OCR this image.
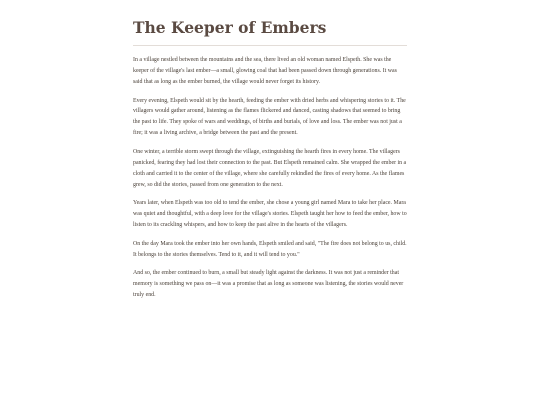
The Keeper of Embers

In a village nestled between the mountains and the sea, there lived an old woman named Elspeth. She was the keeper of the village's last ember—a small, glowing coal that had been passed down through generations. It was said that as long as the ember burned, the village would never forget its history.

Every evening, Elspeth would sit by the hearth, feeding the ember with dried herbs and whispering stories to it. The villagers would gather around, listening as the flames flickered and danced, casting shadows that seemed to bring the past to life. They spoke of wars and weddings, of births and burials, of love and loss. The ember was not just a fire; it was a living archive, a bridge between the past and the present.

One winter, a terrible storm swept through the village, extinguishing the hearth fires in every home. The villagers panicked, fearing they had lost their connection to the past. But Elspeth remained calm. She wrapped the ember in a cloth and carried it to the center of the village, where she carefully rekindled the fires of every home. As the flames grew, so did the stories, passed from one generation to the next.

Years later, when Elspeth was too old to tend the ember, she chose a young girl named Mara to take her place. Mara was quiet and thoughtful, with a deep love for the village's stories. Elspeth taught her how to feed the ember, how to listen to its crackling whispers, and how to keep the past alive in the hearts of the villagers.

On the day Mara took the ember into her own hands, Elspeth smiled and said, "The fire does not belong to us, child. It belongs to the stories themselves. Tend to it, and it will tend to you."

And so, the ember continued to burn, a small but steady light against the darkness. It was not just a reminder that memory is something we pass on—it was a promise that as long as someone was listening, the stories would never truly end.
